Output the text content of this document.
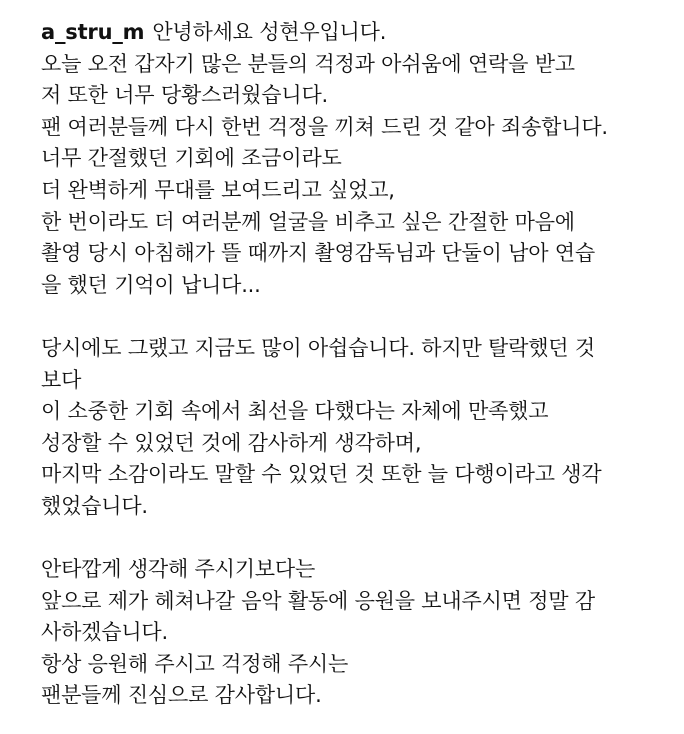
a_stru_m 안녕하세요 성현우입니다.
오늘 오전 갑자기 많은 분들의 걱정과 아쉬움에 연락을 받고
저 또한 너무 당황스러웠습니다.
팬 여러분들께 다시 한번 걱정을 끼쳐 드린 것 같아 죄송합니다.
너무 간절했던 기회에 조금이라도
더 완벽하게 무대를 보여드리고 싶었고,
한 번이라도 더 여러분께 얼굴을 비추고 싶은 간절한 마음에
촬영 당시 아침해가 뜰 때까지 촬영감독님과 단둘이 남아 연습
을 했던 기억이 납니다...
당시에도 그랬고 지금도 많이 아쉽습니다. 하지만 탈락했던 것
보다
이 소중한 기회 속에서 최선을 다했다는 자체에 만족했고
성장할 수 있었던 것에 감사하게 생각하며,
마지막 소감이라도 말할 수 있었던 것 또한 늘 다행이라고 생각
했었습니다.
안타깝게 생각해 주시기보다는
앞으로 제가 헤쳐나갈 음악 활동에 응원을 보내주시면 정말 감
사하겠습니다.
항상 응원해 주시고 걱정해 주시는
팬분들께 진심으로 감사합니다.
